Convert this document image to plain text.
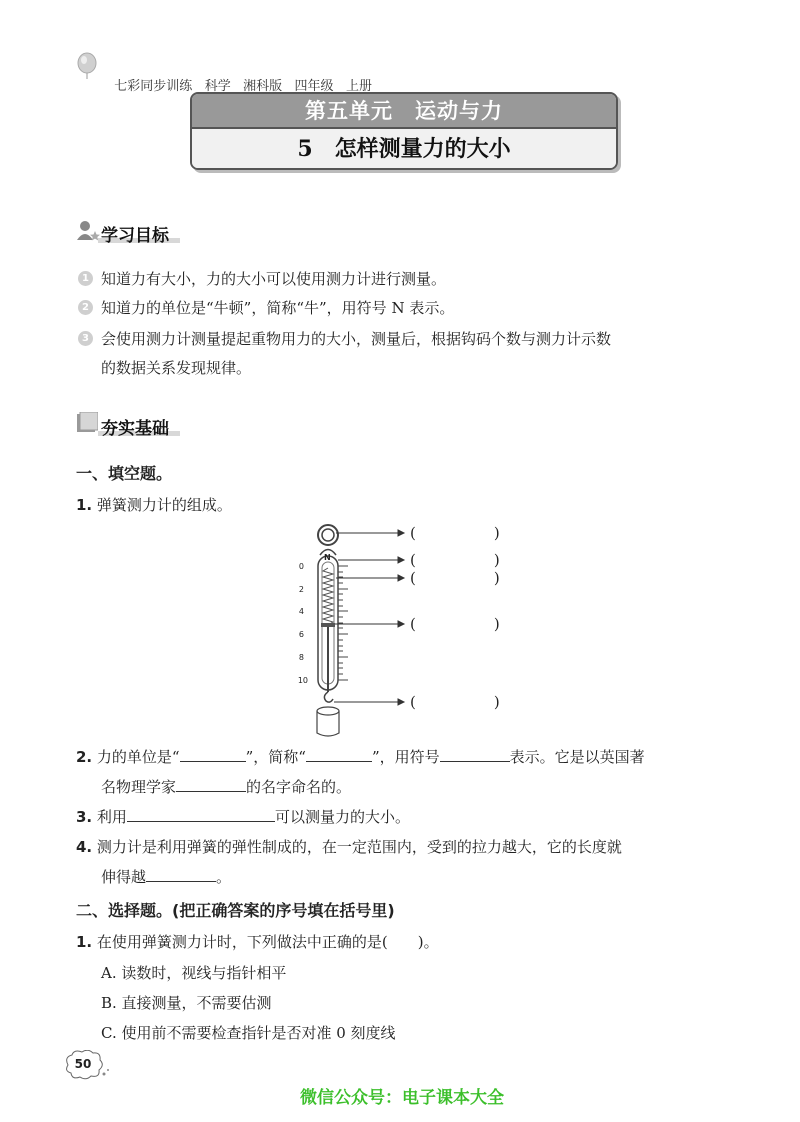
七彩同步训练 科学 湘科版 四年级 上册

第五单元　运动与力
5　怎样测量力的大小
学习目标
1 知道力有大小，力的大小可以使用测力计进行测量。
2 知道力的单位是“牛顿”，简称“牛”，用符号 N 表示。
3 会使用测力计测量提起重物用力的大小，测量后，根据钩码个数与测力计示数
的数据关系发现规律。
夯实基础
一、填空题。
1. 弹簧测力计的组成。
N
0
2
4
6
8
10
(	)
(	)
(	)
(	)
(	)
2. 力的单位是“	”，简称“	”，用符号	表示。它是以英国著
名物理学家	的名字命名的。
3. 利用	可以测量力的大小。
4. 测力计是利用弹簧的弹性制成的，在一定范围内，受到的拉力越大，它的长度就
伸得越	。
二、选择题。(把正确答案的序号填在括号里)
1. 在使用弹簧测力计时，下列做法中正确的是(　　)。
A. 读数时，视线与指针相平
B. 直接测量，不需要估测
C. 使用前不需要检查指针是否对准 0 刻度线
50
微信公众号：电子课本大全
